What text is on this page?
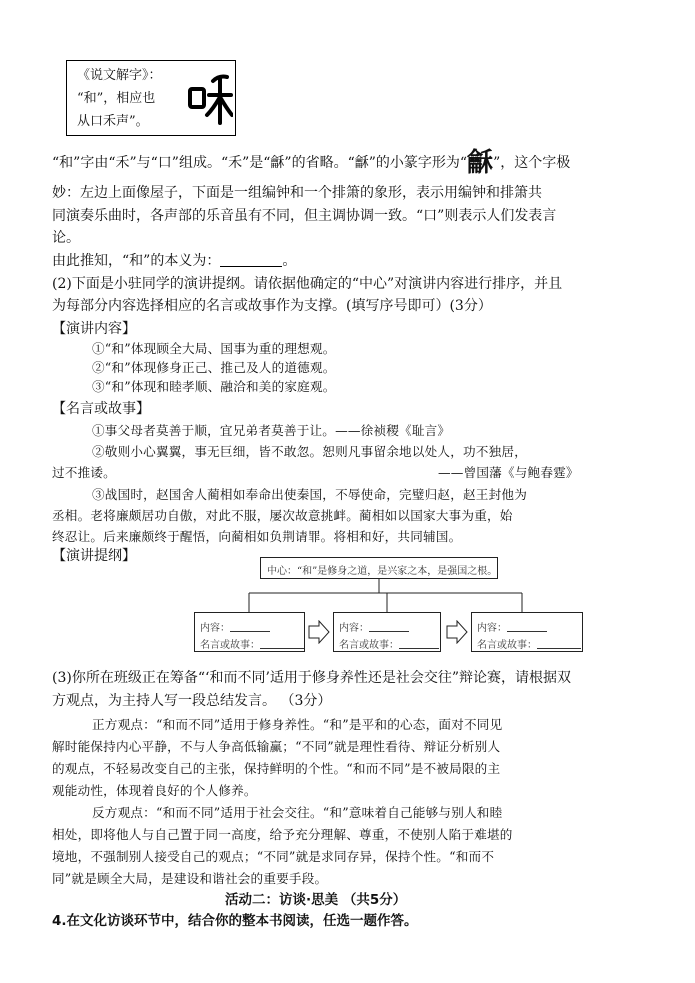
《说文解字》：
“和”，相应也
从口禾声”。
“和”字由“禾”与“口”组成。“禾”是“龢”的省略。“龢”的小篆字形为“龢”，这个字极
妙：左边上面像屋子，下面是一组编钟和一个排箫的象形，表示用编钟和排箫共
同演奏乐曲时，各声部的乐音虽有不同，但主调协调一致。“口”则表示人们发表言
论。
由此推知，“和”的本义为：	。
(2)下面是小驻同学的演讲提纲。请依据他确定的“中心”对演讲内容进行排序，并且
为每部分内容选择相应的名言或故事作为支撑。(填写序号即可）(3分）
【演讲内容】
①“和”体现顾全大局、国事为重的理想观。
②“和”体现修身正己、推己及人的道德观。
③“和”体现和睦孝顺、融洽和美的家庭观。
【名言或故事】
①事父母者莫善于顺，宜兄弟者莫善于让。——徐祯稷《耻言》
②敬则小心翼翼，事无巨细，皆不敢忽。恕则凡事留余地以处人，功不独居，
过不推诿。	——曾国藩《与鲍春霆》
③战国时，赵国舍人蔺相如奉命出使秦国，不辱使命，完璧归赵，赵王封他为
丞相。老将廉颇居功自傲，对此不服，屡次故意挑衅。蔺相如以国家大事为重，始
终忍让。后来廉颇终于醒悟，向蔺相如负荆请罪。将相和好，共同辅国。
【演讲提纲】
中心：“和”是修身之道，是兴家之本，是强国之根。
内容：
名言或故事：
内容：
名言或故事：
内容：
名言或故事：
(3)你所在班级正在筹备“‘和而不同’适用于修身养性还是社会交往”辩论赛，请根据双
方观点，为主持人写一段总结发言。 （3分）
正方观点：“和而不同”适用于修身养性。“和”是平和的心态，面对不同见
解时能保持内心平静，不与人争高低输赢；“不同”就是理性看待、辩证分析别人
的观点，不轻易改变自己的主张，保持鲜明的个性。“和而不同”是不被局限的主
观能动性，体现着良好的个人修养。
反方观点：“和而不同”适用于社会交往。“和”意味着自己能够与别人和睦
相处，即将他人与自己置于同一高度，给予充分理解、尊重，不使别人陷于难堪的
境地，不强制别人接受自己的观点；“不同”就是求同存异，保持个性。“和而不
同”就是顾全大局，是建设和谐社会的重要手段。
活动二：访谈·思美 （共5分）
4.在文化访谈环节中，结合你的整本书阅读，任选一题作答。
